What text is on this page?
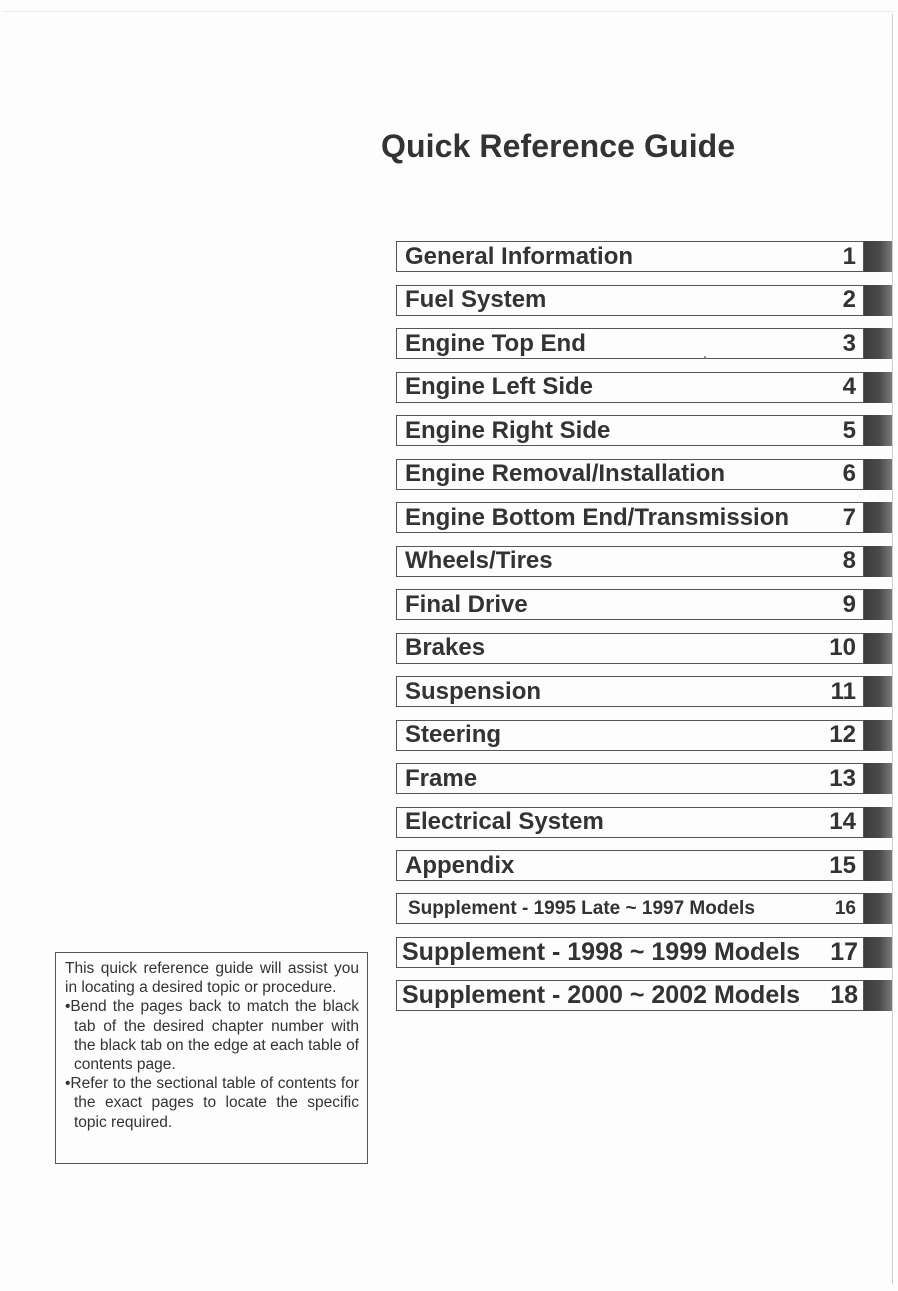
Quick Reference Guide
General Information	1
Fuel System	2
Engine Top End	3
Engine Left Side	4
Engine Right Side	5
Engine Removal/Installation	6
Engine Bottom End/Transmission 7
Wheels/Tires	8
Final Drive	9
Brakes	10
Suspension	11
Steering	12
Frame	13
Electrical System	14
Appendix	15
Supplement - 1995 Late ~ 1997 Models	16
Supplement - 1998 ~ 1999 Models 17
Supplement - 2000 ~ 2002 Models 18

This quick reference guide will assist you in locating a desired topic or procedure.

•Bend the pages back to match the black tab of the desired chapter number with the black tab on the edge at each table of contents page.

•Refer to the sectional table of contents for the exact pages to locate the specific topic required.
